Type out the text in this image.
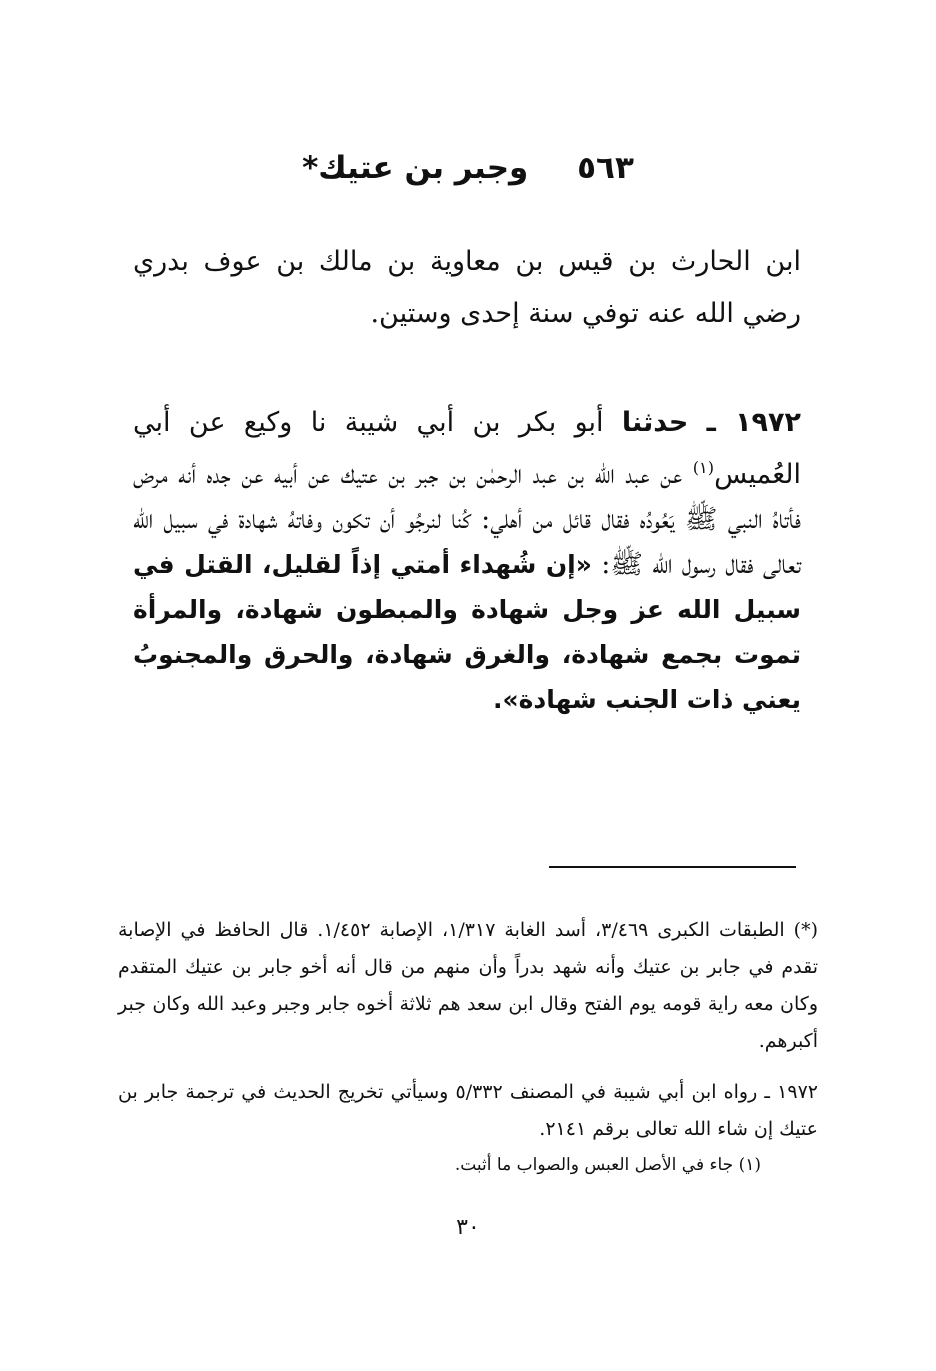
٥٦٣ وجبر بن عتيك*
ابن الحارث بن قيس بن معاوية بن مالك بن عوف بدري رضي الله عنه توفي سنة إحدى وستين.
١٩٧٢ ـ حدثنا أبو بكر بن أبي شيبة نا وكيع عن أبي العُميس$^{(١)}$ عن عبد الله بن عبد الرحمٰن بن جبر بن عتيك عن أبيه عن جده أنه مرض فأتاهُ النبي ﷺ يَعُودُه فقال قائل من أهلي: كُنا لنرجُو أن تكون وفاتهُ شهادة في سبيل الله تعالى فقال رسول الله ﷺ: «إن شُهداء أمتي إذاً لقليل، القتل في سبيل الله عز وجل شهادة والمبطون شهادة، والمرأة تموت بجمع شهادة، والغرق شهادة، والحرق والمجنوبُ يعني ذات الجنب شهادة».
(*) الطبقات الكبرى ٣/٤٦٩، أسد الغابة ١/٣١٧، الإصابة ١/٤٥٢. قال الحافظ في الإصابة تقدم في جابر بن عتيك وأنه شهد بدراً وأن منهم من قال أنه أخو جابر بن عتيك المتقدم وكان معه راية قومه يوم الفتح وقال ابن سعد هم ثلاثة أخوه جابر وجبر وعبد الله وكان جبر أكبرهم.
١٩٧٢ ـ رواه ابن أبي شيبة في المصنف ٥/٣٣٢ وسيأتي تخريج الحديث في ترجمة جابر بن عتيك إن شاء الله تعالى برقم ٢١٤١.
(١) جاء في الأصل العبس والصواب ما أثبت.
٣٠
